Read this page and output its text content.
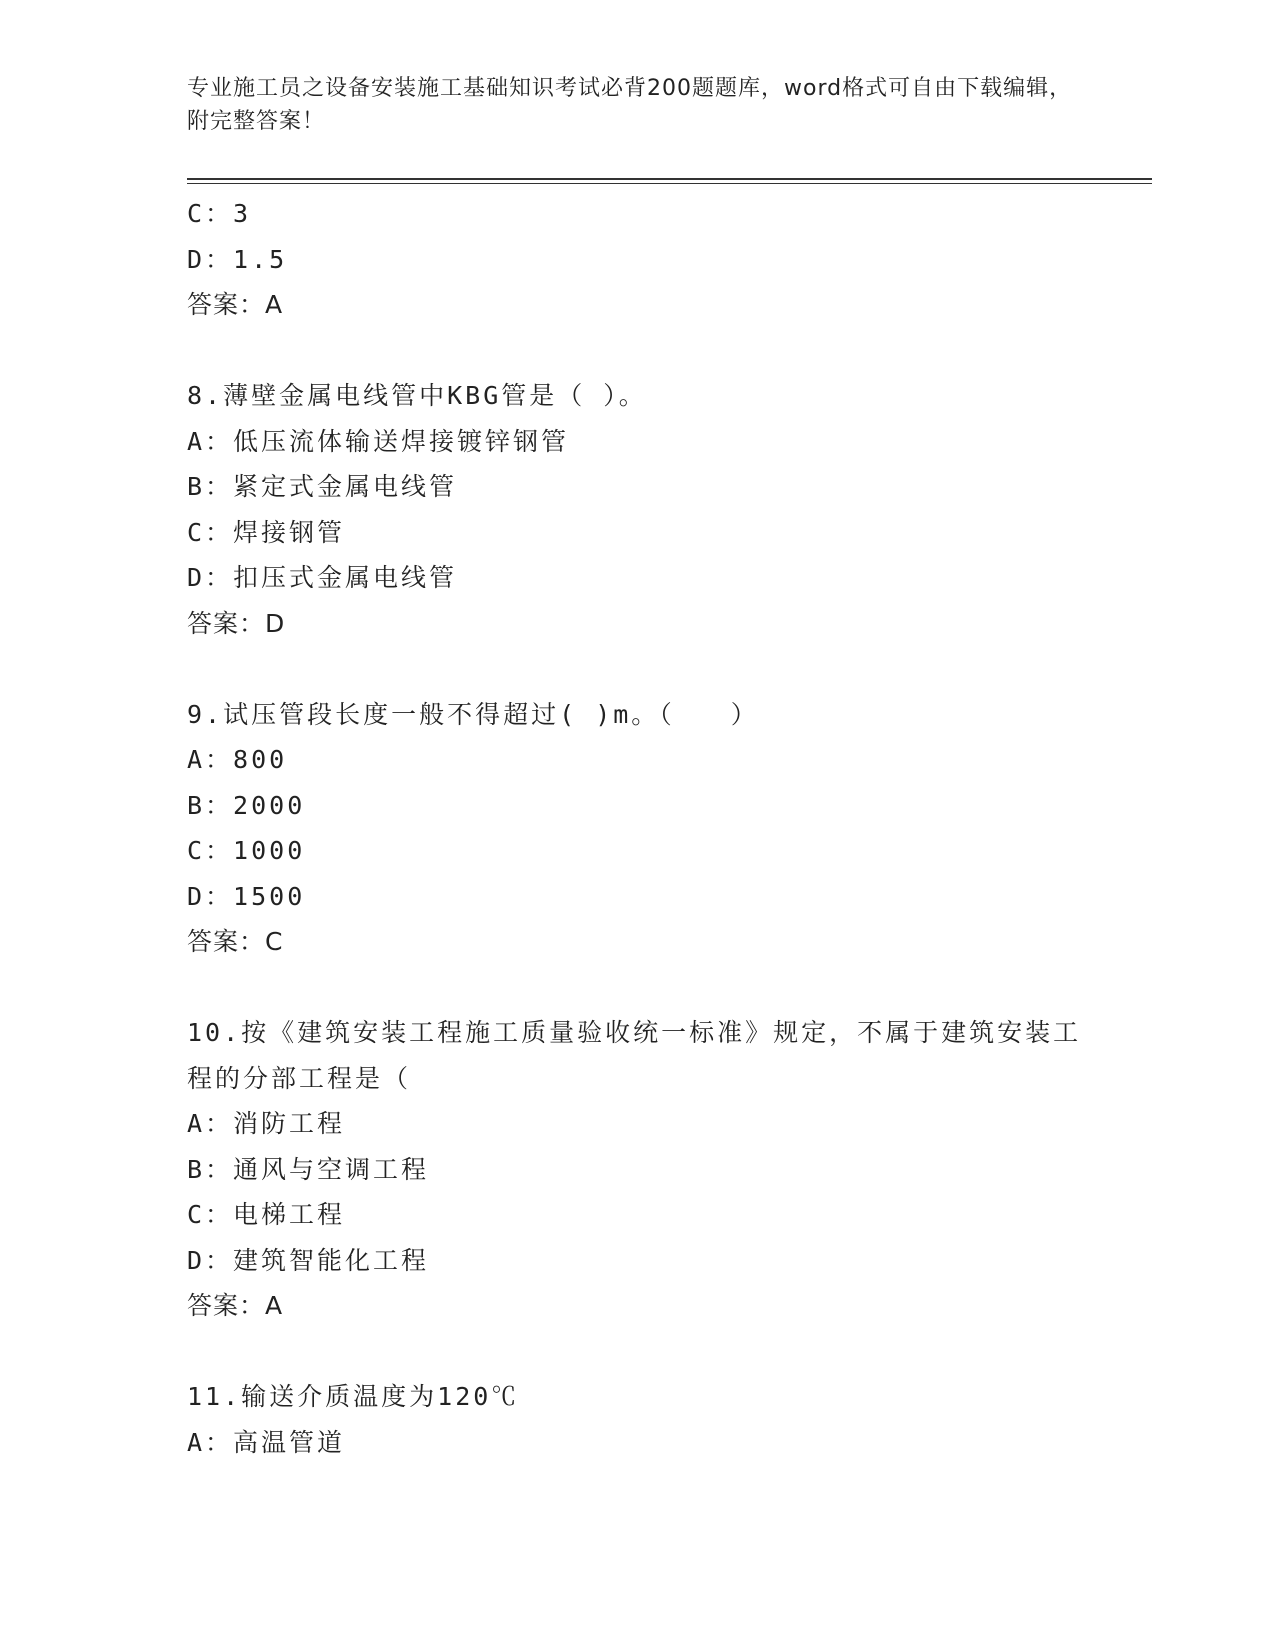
专业施工员之设备安装施工基础知识考试必背200题题库，word格式可自由下载编辑，附完整答案！
C：3
D：1.5
答案：A
8.薄壁金属电线管中KBG管是（ ）。
A：低压流体输送焊接镀锌钢管
B：紧定式金属电线管
C：焊接钢管
D：扣压式金属电线管
答案：D
9.试压管段长度一般不得超过( )m。（　　）
A：800
B：2000
C：1000
D：1500
答案：C
10.按《建筑安装工程施工质量验收统一标准》规定，不属于建筑安装工程的分部工程是（
A：消防工程
B：通风与空调工程
C：电梯工程
D：建筑智能化工程
答案：A
11.输送介质温度为120℃
A：高温管道
